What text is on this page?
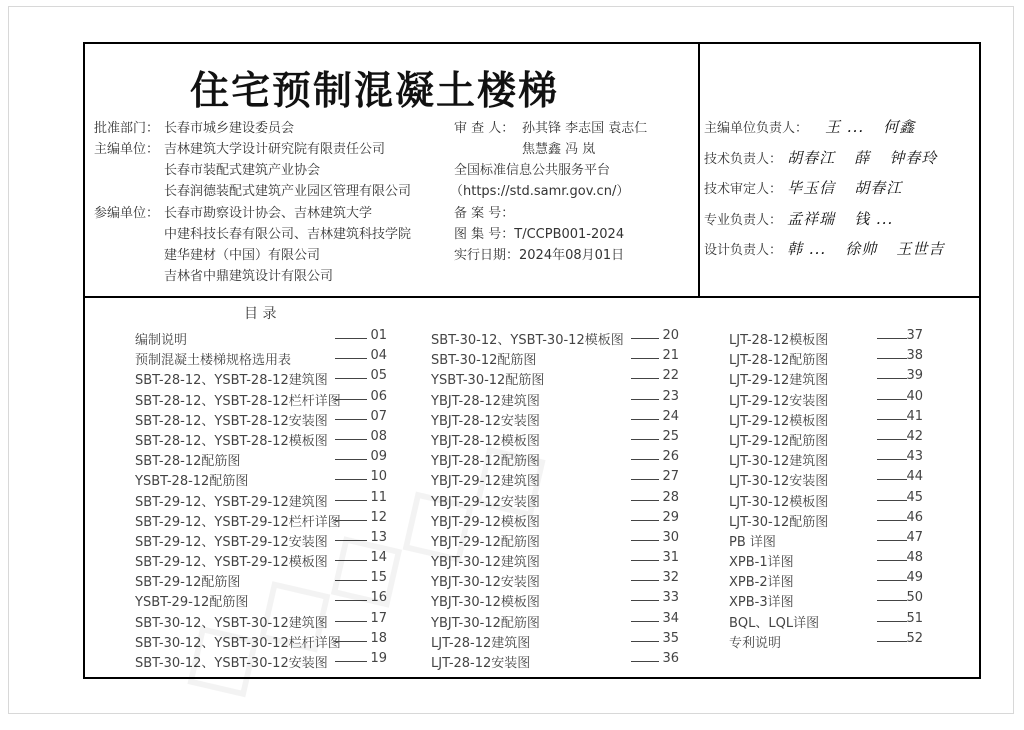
住宅预制混凝土楼梯
批准部门： 长春市城乡建设委员会
主编单位： 吉林建筑大学设计研究院有限责任公司
长春市装配式建筑产业协会
长春润德装配式建筑产业园区管理有限公司
参编单位： 长春市勘察设计协会、吉林建筑大学
中建科技长春有限公司、吉林建筑科技学院
建华建材（中国）有限公司
吉林省中鼎建筑设计有限公司
审 查 人： 孙其锋 李志国 袁志仁
焦慧鑫 冯 岚
全国标准信息公共服务平台
（https://std.samr.gov.cn/）
备 案 号：
图 集 号：T/CCPB001-2024
实行日期：2024年08月01日
主编单位负责人： 王 ... 何鑫
技术负责人： 胡春江 薛 钟春玲
技术审定人： 毕玉信 胡春江
专业负责人： 孟祥瑞 钱 ...
设计负责人： 韩 ... 徐帅 王世吉
目 录
编制说明	01
预制混凝土楼梯规格选用表	04
SBT-28-12、YSBT-28-12建筑图	05
SBT-28-12、YSBT-28-12栏杆详图	06
SBT-28-12、YSBT-28-12安装图	07
SBT-28-12、YSBT-28-12模板图	08
SBT-28-12配筋图	09
YSBT-28-12配筋图	10
SBT-29-12、YSBT-29-12建筑图	11
SBT-29-12、YSBT-29-12栏杆详图	12
SBT-29-12、YSBT-29-12安装图	13
SBT-29-12、YSBT-29-12模板图	14
SBT-29-12配筋图	15
YSBT-29-12配筋图	16
SBT-30-12、YSBT-30-12建筑图	17
SBT-30-12、YSBT-30-12栏杆详图	18
SBT-30-12、YSBT-30-12安装图	19
SBT-30-12、YSBT-30-12模板图	20
SBT-30-12配筋图	21
YSBT-30-12配筋图	22
YBJT-28-12建筑图	23
YBJT-28-12安装图	24
YBJT-28-12模板图	25
YBJT-28-12配筋图	26
YBJT-29-12建筑图	27
YBJT-29-12安装图	28
YBJT-29-12模板图	29
YBJT-29-12配筋图	30
YBJT-30-12建筑图	31
YBJT-30-12安装图	32
YBJT-30-12模板图	33
YBJT-30-12配筋图	34
LJT-28-12建筑图	35
LJT-28-12安装图	36
LJT-28-12模板图	37
LJT-28-12配筋图	38
LJT-29-12建筑图	39
LJT-29-12安装图	40
LJT-29-12模板图	41
LJT-29-12配筋图	42
LJT-30-12建筑图	43
LJT-30-12安装图	44
LJT-30-12模板图	45
LJT-30-12配筋图	46
PB 详图	47
XPB-1详图	48
XPB-2详图	49
XPB-3详图	50
BQL、LQL详图	51
专利说明	52
